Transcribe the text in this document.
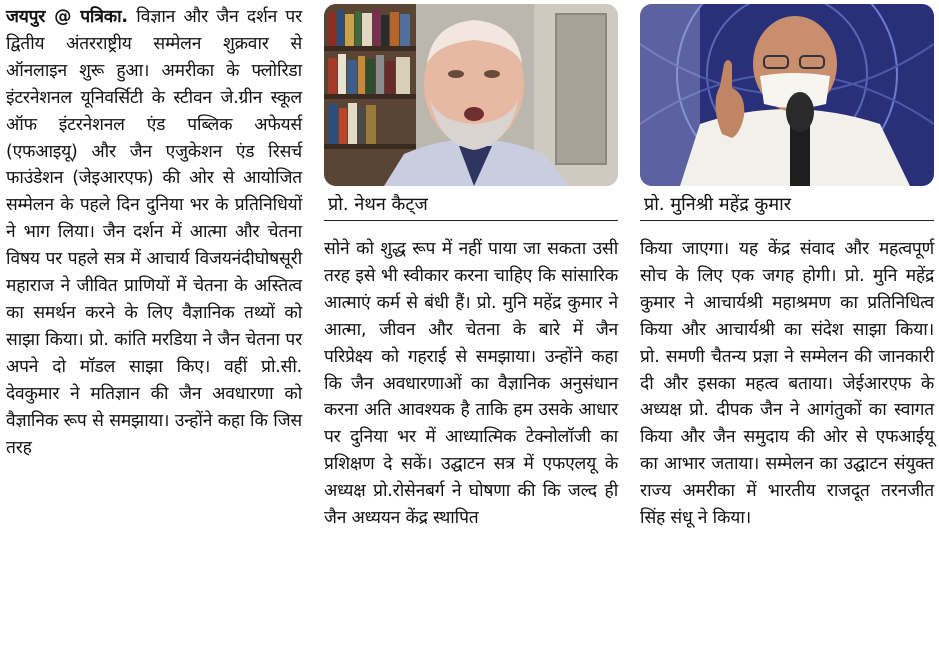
जयपुर @ पत्रिका. विज्ञान और जैन दर्शन पर द्वितीय अंतरराष्ट्रीय सम्मेलन शुक्रवार से ऑनलाइन शुरू हुआ। अमरीका के फ्लोरिडा इंटरनेशनल यूनिवर्सिटी के स्टीवन जे.ग्रीन स्कूल ऑफ इंटरनेशनल एंड पब्लिक अफेयर्स (एफआइयू) और जैन एजुकेशन एंड रिसर्च फाउंडेशन (जेइआरएफ) की ओर से आयोजित सम्मेलन के पहले दिन दुनिया भर के प्रतिनिधियों ने भाग लिया। जैन दर्शन में आत्मा और चेतना विषय पर पहले सत्र में आचार्य विजयनंदीघोषसूरी महाराज ने जीवित प्राणियों में चेतना के अस्तित्व का समर्थन करने के लिए वैज्ञानिक तथ्यों को साझा किया। प्रो. कांति मरडिया ने जैन चेतना पर अपने दो मॉडल साझा किए। वहीं प्रो.सी. देवकुमार ने मतिज्ञान की जैन अवधारणा को वैज्ञानिक रूप से समझाया। उन्होंने कहा कि जिस तरह
प्रो. नेथन कैट्ज
सोने को शुद्ध रूप में नहीं पाया जा सकता उसी तरह इसे भी स्वीकार करना चाहिए कि सांसारिक आत्माएं कर्म से बंधी हैं। प्रो. मुनि महेंद्र कुमार ने आत्मा, जीवन और चेतना के बारे में जैन परिप्रेक्ष्य को गहराई से समझाया। उन्होंने कहा कि जैन अवधारणाओं का वैज्ञानिक अनुसंधान करना अति आवश्यक है ताकि हम उसके आधार पर दुनिया भर में आध्यात्मिक टेक्नोलॉजी का प्रशिक्षण दे सकें। उद्घाटन सत्र में एफएलयू के अध्यक्ष प्रो.रोसेनबर्ग ने घोषणा की कि जल्द ही जैन अध्ययन केंद्र स्थापित
प्रो. मुनिश्री महेंद्र कुमार
किया जाएगा। यह केंद्र संवाद और महत्वपूर्ण सोच के लिए एक जगह होगी। प्रो. मुनि महेंद्र कुमार ने आचार्यश्री महाश्रमण का प्रतिनिधित्व किया और आचार्यश्री का संदेश साझा किया। प्रो. समणी चैतन्य प्रज्ञा ने सम्मेलन की जानकारी दी और इसका महत्व बताया। जेईआरएफ के अध्यक्ष प्रो. दीपक जैन ने आगंतुकों का स्वागत किया और जैन समुदाय की ओर से एफआईयू का आभार जताया। सम्मेलन का उद्घाटन संयुक्त राज्य अमरीका में भारतीय राजदूत तरनजीत सिंह संधू ने किया।
